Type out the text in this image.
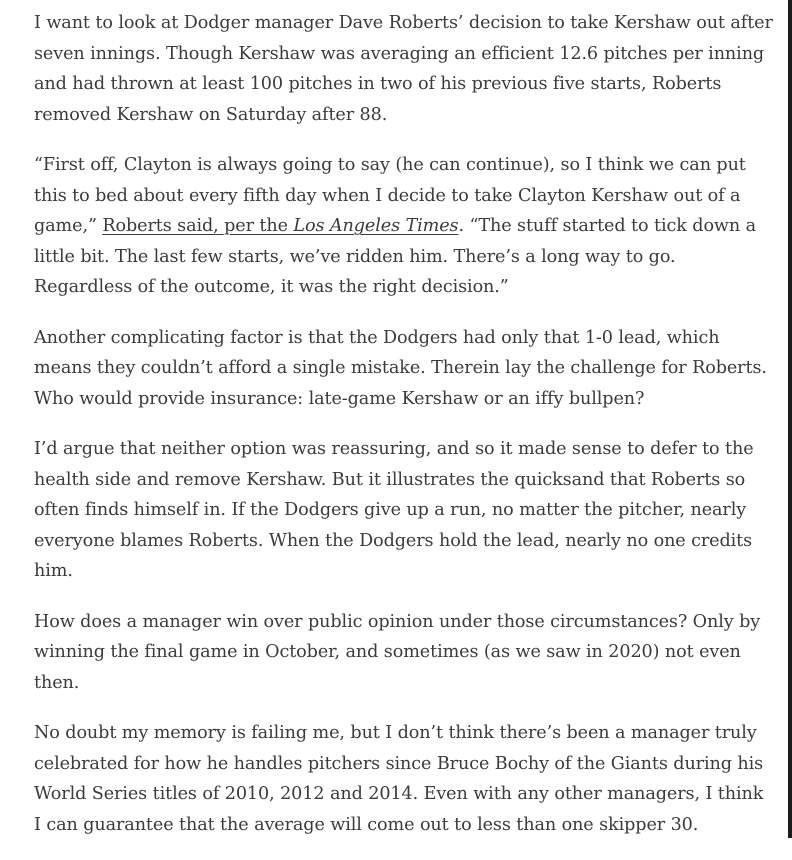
I want to look at Dodger manager Dave Roberts’ decision to take Kershaw out after seven innings. Though Kershaw was averaging an efficient 12.6 pitches per inning and had thrown at least 100 pitches in two of his previous five starts, Roberts removed Kershaw on Saturday after 88.

“First off, Clayton is always going to say (he can continue), so I think we can put this to bed about every fifth day when I decide to take Clayton Kershaw out of a game,” Roberts said, per the Los Angeles Times. “The stuff started to tick down a little bit. The last few starts, we’ve ridden him. There’s a long way to go. Regardless of the outcome, it was the right decision.”

Another complicating factor is that the Dodgers had only that 1-0 lead, which means they couldn’t afford a single mistake. Therein lay the challenge for Roberts. Who would provide insurance: late-game Kershaw or an iffy bullpen?

I’d argue that neither option was reassuring, and so it made sense to defer to the health side and remove Kershaw. But it illustrates the quicksand that Roberts so often finds himself in. If the Dodgers give up a run, no matter the pitcher, nearly everyone blames Roberts. When the Dodgers hold the lead, nearly no one credits him.

How does a manager win over public opinion under those circumstances? Only by winning the final game in October, and sometimes (as we saw in 2020) not even then.

No doubt my memory is failing me, but I don’t think there’s been a manager truly celebrated for how he handles pitchers since Bruce Bochy of the Giants during his World Series titles of 2010, 2012 and 2014. Even with any other managers, I think I can guarantee that the average will come out to less than one skipper 30.
